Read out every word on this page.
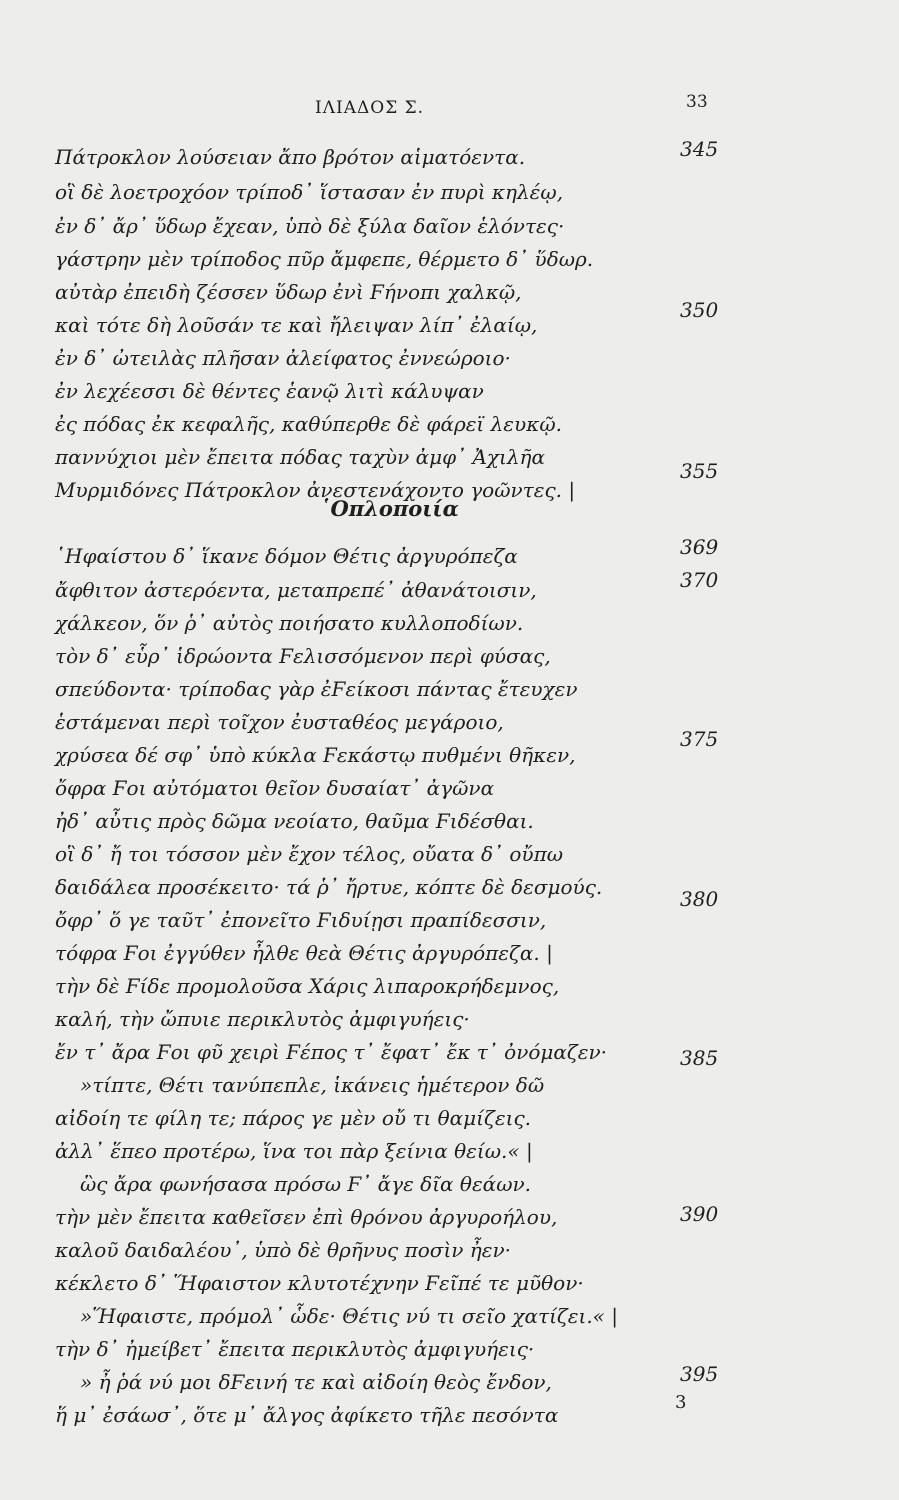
ΙΛΙΑΔΟΣ Σ.	33
Πάτροκλον λούσειαν ἄπο βρότον αἱματόεντα.
οἳ δὲ λοετροχόον τρίποδ᾽ ἵστασαν ἐν πυρὶ κηλέῳ,
ἐν δ᾽ ἄρ᾽ ὕδωρ ἔχεαν, ὑπὸ δὲ ξύλα δαῖον ἑλόντες·
γάστρην μὲν τρίποδος πῦρ ἄμφεπε, θέρμετο δ᾽ ὕδωρ.
αὐτὰρ ἐπειδὴ ζέσσεν ὕδωρ ἐνὶ Ϝήνοπι χαλκῷ,
καὶ τότε δὴ λοῦσάν τε καὶ ἤλειψαν λίπ᾽ ἐλαίῳ,
ἐν δ᾽ ὠτειλὰς πλῆσαν ἀλείφατος ἐννεώροιο·
ἐν λεχέεσσι δὲ θέντες ἑανῷ λιτὶ κάλυψαν
ἐς πόδας ἐκ κεφαλῆς, καθύπερθε δὲ φάρεϊ λευκῷ.
παννύχιοι μὲν ἔπειτα πόδας ταχὺν ἀμφ᾽ Ἀχιλῆα
Μυρμιδόνες Πάτροκλον ἀνεστενάχοντο γοῶντες. |
῾Οπλοποιία
῾Ηφαίστου δ᾽ ἵκανε δόμον Θέτις ἀργυρόπεζα
ἄφθιτον ἀστερόεντα, μεταπρεπέ᾽ ἀθανάτοισιν,
χάλκεον, ὅν ῥ᾽ αὐτὸς ποιήσατο κυλλοποδίων.
τὸν δ᾽ εὗρ᾽ ἱδρώοντα Ϝελισσόμενον περὶ φύσας,
σπεύδοντα· τρίποδας γὰρ ἐϜείκοσι πάντας ἔτευχεν
ἑστάμεναι περὶ τοῖχον ἐυσταθέος μεγάροιο,
χρύσεα δέ σφ᾽ ὑπὸ κύκλα Ϝεκάστῳ πυθμένι θῆκεν,
ὄφρα Ϝοι αὐτόματοι θεῖον δυσαίατ᾽ ἀγῶνα
ἠδ᾽ αὖτις πρὸς δῶμα νεοίατο, θαῦμα Ϝιδέσθαι.
οἳ δ᾽ ἤ τοι τόσσον μὲν ἔχον τέλος, οὔατα δ᾽ οὔπω
δαιδάλεα προσέκειτο· τά ῥ᾽ ἤρτυε, κόπτε δὲ δεσμούς.
ὄφρ᾽ ὅ γε ταῦτ᾽ ἐπονεῖτο Ϝιδυίῃσι πραπίδεσσιν,
τόφρα Ϝοι ἐγγύθεν ἦλθε θεὰ Θέτις ἀργυρόπεζα. |
τὴν δὲ Ϝίδε προμολοῦσα Χάρις λιπαροκρήδεμνος,
καλή, τὴν ὤπυιε περικλυτὸς ἀμφιγυήεις·
ἔν τ᾽ ἄρα Ϝοι φῦ χειρὶ Ϝέπος τ᾽ ἔφατ᾽ ἔκ τ᾽ ὀνόμαζεν·
»τίπτε, Θέτι τανύπεπλε, ἱκάνεις ἡμέτερον δῶ
αἰδοίη τε φίλη τε; πάρος γε μὲν οὔ τι θαμίζεις.
ἀλλ᾽ ἕπεο προτέρω, ἵνα τοι πὰρ ξείνια θείω.« |
ὣς ἄρα φωνήσασα πρόσω Ϝ᾽ ἄγε δῖα θεάων.
τὴν μὲν ἔπειτα καθεῖσεν ἐπὶ θρόνου ἀργυροήλου,
καλοῦ δαιδαλέου᾽, ὑπὸ δὲ θρῆνυς ποσὶν ἦεν·
κέκλετο δ᾽ Ἥφαιστον κλυτοτέχνην Ϝεῖπέ τε μῦθον·
»Ἥφαιστε, πρόμολ᾽ ὧδε· Θέτις νύ τι σεῖο χατίζει.« |
τὴν δ᾽ ἠμείβετ᾽ ἔπειτα περικλυτὸς ἀμφιγυήεις·
» ἦ ῥά νύ μοι δϜεινή τε καὶ αἰδοίη θεὸς ἔνδον,
ἥ μ᾽ ἐσάωσ᾽, ὅτε μ᾽ ἄλγος ἀφίκετο τῆλε πεσόντα
345
350
355
369
370
375
380
385
390
395
3
